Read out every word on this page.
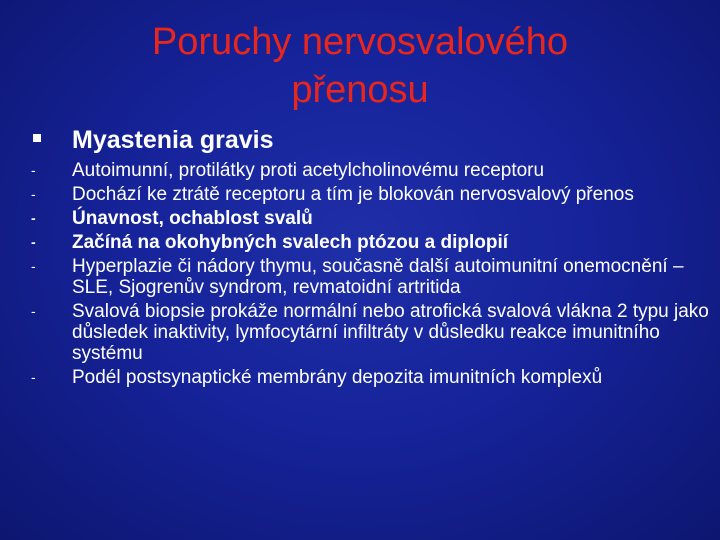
Poruchy nervosvalového
přenosu
Myastenia gravis
- Autoimunní, protilátky proti acetylcholinovému receptoru
- Dochází ke ztrátě receptoru a tím je blokován nervosvalový přenos
- Únavnost, ochablost svalů
- Začíná na okohybných svalech ptózou a diplopií
- Hyperplazie či nádory thymu, současně další autoimunitní onemocnění – SLE, Sjogrenův syndrom, revmatoidní artritida
- Svalová biopsie prokáže normální nebo atrofická svalová vlákna 2 typu jako důsledek inaktivity, lymfocytární infiltráty v důsledku reakce imunitního systému
- Podél postsynaptické membrány depozita imunitních komplexů
